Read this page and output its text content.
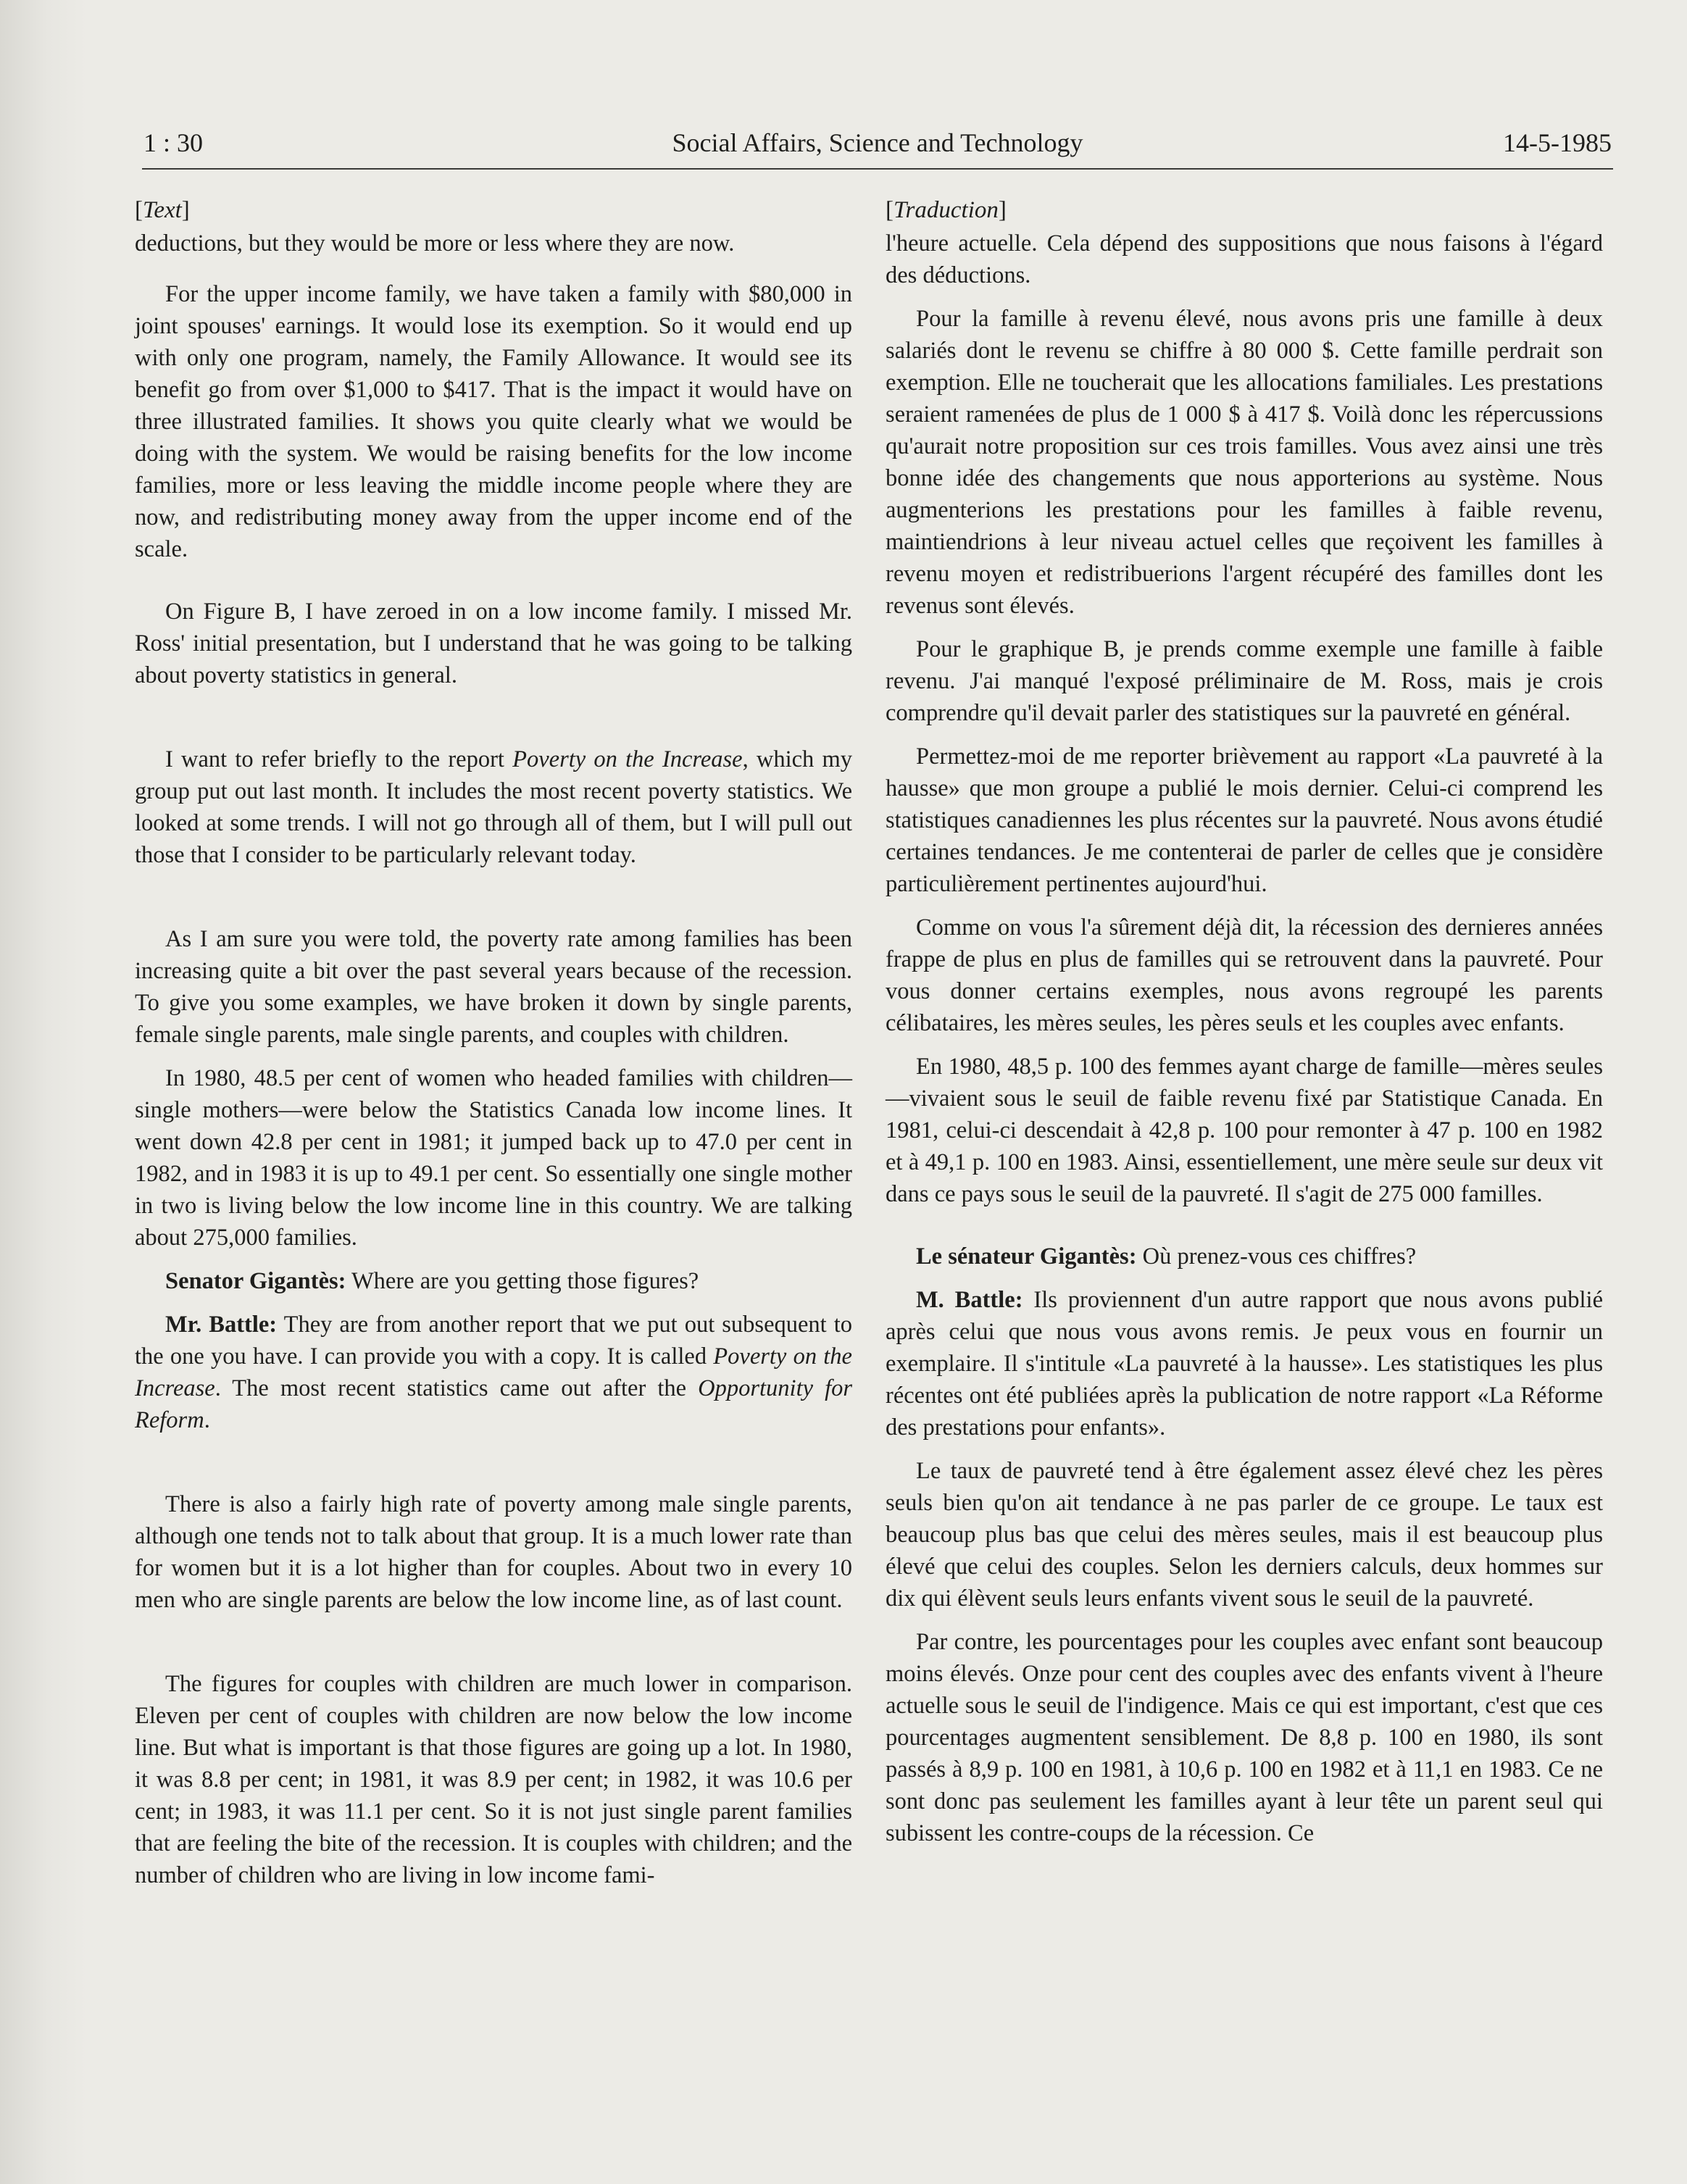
1 : 30	Social Affairs, Science and Technology	14-5-1985
[Text]

deductions, but they would be more or less where they are now.

For the upper income family, we have taken a family with $80,000 in joint spouses' earnings. It would lose its exemption. So it would end up with only one program, namely, the Family Allowance. It would see its benefit go from over $1,000 to $417. That is the impact it would have on three illustrated families. It shows you quite clearly what we would be doing with the system. We would be raising benefits for the low income families, more or less leaving the middle income people where they are now, and redistributing money away from the upper income end of the scale.

On Figure B, I have zeroed in on a low income family. I missed Mr. Ross' initial presentation, but I understand that he was going to be talking about poverty statistics in general.

I want to refer briefly to the report Poverty on the Increase, which my group put out last month. It includes the most recent poverty statistics. We looked at some trends. I will not go through all of them, but I will pull out those that I consider to be particularly relevant today.

As I am sure you were told, the poverty rate among families has been increasing quite a bit over the past several years because of the recession. To give you some examples, we have broken it down by single parents, female single parents, male single parents, and couples with children.

In 1980, 48.5 per cent of women who headed families with children—single mothers—were below the Statistics Canada low income lines. It went down 42.8 per cent in 1981; it jumped back up to 47.0 per cent in 1982, and in 1983 it is up to 49.1 per cent. So essentially one single mother in two is living below the low income line in this country. We are talking about 275,000 families.

Senator Gigantès: Where are you getting those figures?

Mr. Battle: They are from another report that we put out subsequent to the one you have. I can provide you with a copy. It is called Poverty on the Increase. The most recent statistics came out after the Opportunity for Reform.

There is also a fairly high rate of poverty among male single parents, although one tends not to talk about that group. It is a much lower rate than for women but it is a lot higher than for couples. About two in every 10 men who are single parents are below the low income line, as of last count.

The figures for couples with children are much lower in comparison. Eleven per cent of couples with children are now below the low income line. But what is important is that those figures are going up a lot. In 1980, it was 8.8 per cent; in 1981, it was 8.9 per cent; in 1982, it was 10.6 per cent; in 1983, it was 11.1 per cent. So it is not just single parent families that are feeling the bite of the recession. It is couples with children; and the number of children who are living in low income fami-

[Traduction]

l'heure actuelle. Cela dépend des suppositions que nous faisons à l'égard des déductions.

Pour la famille à revenu élevé, nous avons pris une famille à deux salariés dont le revenu se chiffre à 80 000 $. Cette famille perdrait son exemption. Elle ne toucherait que les allocations familiales. Les prestations seraient ramenées de plus de 1 000 $ à 417 $. Voilà donc les répercussions qu'aurait notre proposition sur ces trois familles. Vous avez ainsi une très bonne idée des changements que nous apporterions au système. Nous augmenterions les prestations pour les familles à faible revenu, maintiendrions à leur niveau actuel celles que reçoivent les familles à revenu moyen et redistribuerions l'argent récupéré des familles dont les revenus sont élevés.

Pour le graphique B, je prends comme exemple une famille à faible revenu. J'ai manqué l'exposé préliminaire de M. Ross, mais je crois comprendre qu'il devait parler des statistiques sur la pauvreté en général.

Permettez-moi de me reporter brièvement au rapport «La pauvreté à la hausse» que mon groupe a publié le mois dernier. Celui-ci comprend les statistiques canadiennes les plus récentes sur la pauvreté. Nous avons étudié certaines tendances. Je me contenterai de parler de celles que je considère particulièrement pertinentes aujourd'hui.

Comme on vous l'a sûrement déjà dit, la récession des dernieres années frappe de plus en plus de familles qui se retrouvent dans la pauvreté. Pour vous donner certains exemples, nous avons regroupé les parents célibataires, les mères seules, les pères seuls et les couples avec enfants.

En 1980, 48,5 p. 100 des femmes ayant charge de famille—mères seules—vivaient sous le seuil de faible revenu fixé par Statistique Canada. En 1981, celui-ci descendait à 42,8 p. 100 pour remonter à 47 p. 100 en 1982 et à 49,1 p. 100 en 1983. Ainsi, essentiellement, une mère seule sur deux vit dans ce pays sous le seuil de la pauvreté. Il s'agit de 275 000 familles.

Le sénateur Gigantès: Où prenez-vous ces chiffres?

M. Battle: Ils proviennent d'un autre rapport que nous avons publié après celui que nous vous avons remis. Je peux vous en fournir un exemplaire. Il s'intitule «La pauvreté à la hausse». Les statistiques les plus récentes ont été publiées après la publication de notre rapport «La Réforme des prestations pour enfants».

Le taux de pauvreté tend à être également assez élevé chez les pères seuls bien qu'on ait tendance à ne pas parler de ce groupe. Le taux est beaucoup plus bas que celui des mères seules, mais il est beaucoup plus élevé que celui des couples. Selon les derniers calculs, deux hommes sur dix qui élèvent seuls leurs enfants vivent sous le seuil de la pauvreté.

Par contre, les pourcentages pour les couples avec enfant sont beaucoup moins élevés. Onze pour cent des couples avec des enfants vivent à l'heure actuelle sous le seuil de l'indigence. Mais ce qui est important, c'est que ces pourcentages augmentent sensiblement. De 8,8 p. 100 en 1980, ils sont passés à 8,9 p. 100 en 1981, à 10,6 p. 100 en 1982 et à 11,1 en 1983. Ce ne sont donc pas seulement les familles ayant à leur tête un parent seul qui subissent les contre-coups de la récession. Ce
